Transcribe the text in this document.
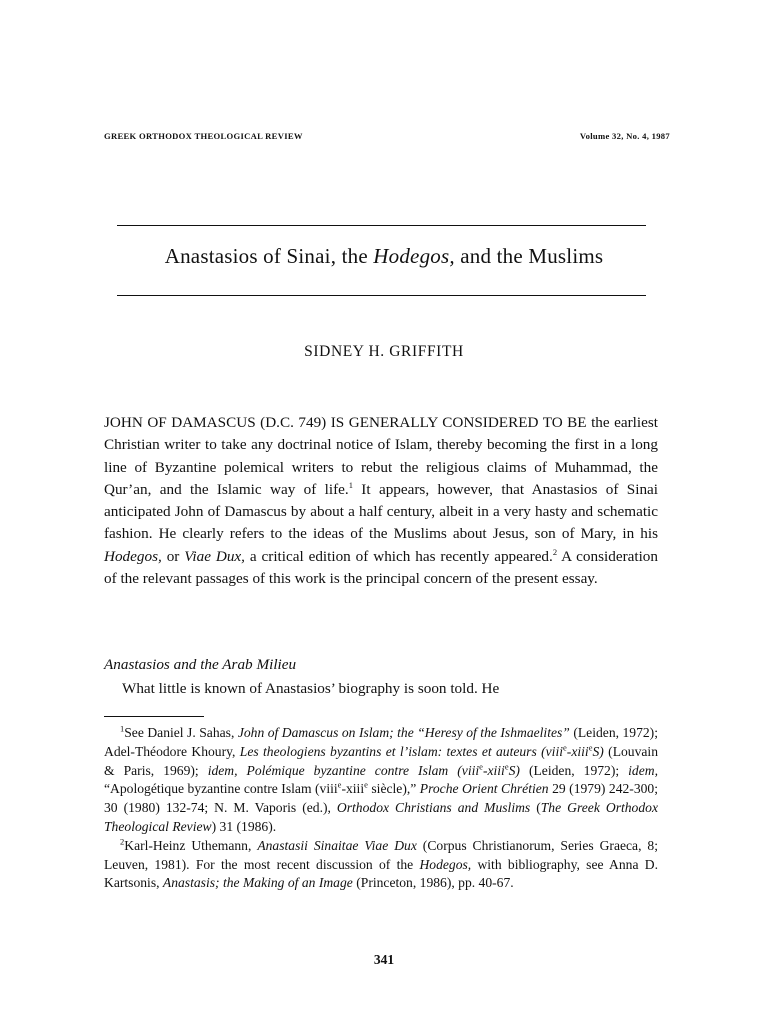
GREEK ORTHODOX THEOLOGICAL REVIEW	Volume 32, No. 4, 1987
Anastasios of Sinai, the Hodegos, and the Muslims
SIDNEY H. GRIFFITH
JOHN OF DAMASCUS (D.C. 749) IS GENERALLY CONSIDERED TO BE the earliest Christian writer to take any doctrinal notice of Islam, thereby becoming the first in a long line of Byzantine polemical writers to rebut the religious claims of Muhammad, the Qur’an, and the Islamic way of life.$^1$ It appears, however, that Anastasios of Sinai anticipated John of Damascus by about a half century, albeit in a very hasty and schematic fashion. He clearly refers to the ideas of the Muslims about Jesus, son of Mary, in his Hodegos, or Viae Dux, a critical edition of which has recently appeared.$^2$ A consideration of the relevant passages of this work is the principal concern of the present essay.
Anastasios and the Arab Milieu
What little is known of Anastasios’ biography is soon told. He

$^1$See Daniel J. Sahas, John of Damascus on Islam; the “Heresy of the Ishmaelites” (Leiden, 1972); Adel-Théodore Khoury, Les theologiens byzantins et l’islam: textes et auteurs (viii$^e$-xiii$^e$S) (Louvain & Paris, 1969); idem, Polémique byzantine contre Islam (viii$^e$-xiii$^e$S) (Leiden, 1972); idem, “Apologétique byzantine contre Islam (viii$^e$-xiii$^e$ siècle),” Proche Orient Chrétien 29 (1979) 242-300; 30 (1980) 132-74; N. M. Vaporis (ed.), Orthodox Christians and Muslims (The Greek Orthodox Theological Review) 31 (1986).

$^2$Karl-Heinz Uthemann, Anastasii Sinaitae Viae Dux (Corpus Christianorum, Series Graeca, 8; Leuven, 1981). For the most recent discussion of the Hodegos, with bibliography, see Anna D. Kartsonis, Anastasis; the Making of an Image (Princeton, 1986), pp. 40-67.

341
